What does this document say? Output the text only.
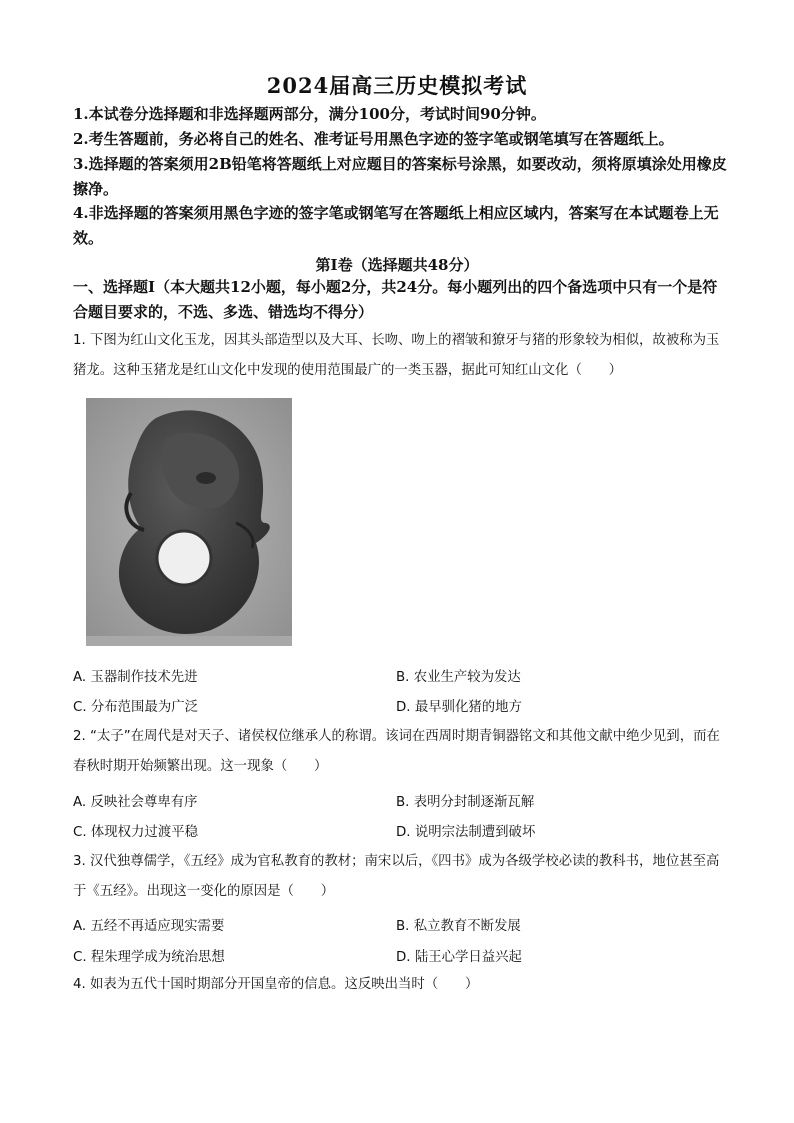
2024届高三历史模拟考试
1.本试卷分选择题和非选择题两部分，满分100分，考试时间90分钟。
2.考生答题前，务必将自己的姓名、准考证号用黑色字迹的签字笔或钢笔填写在答题纸上。
3.选择题的答案须用2B铅笔将答题纸上对应题目的答案标号涂黑，如要改动，须将原填涂处用橡皮擦净。
4.非选择题的答案须用黑色字迹的签字笔或钢笔写在答题纸上相应区域内，答案写在本试题卷上无效。
第Ⅰ卷（选择题共48分）
一、选择题Ⅰ（本大题共12小题，每小题2分，共24分。每小题列出的四个备选项中只有一个是符合题目要求的，不选、多选、错选均不得分）
1. 下图为红山文化玉龙，因其头部造型以及大耳、长吻、吻上的褶皱和獠牙与猪的形象较为相似，故被称为玉猪龙。这种玉猪龙是红山文化中发现的使用范围最广的一类玉器，据此可知红山文化（　　）
A. 玉器制作技术先进	B. 农业生产较为发达
C. 分布范围最为广泛	D. 最早驯化猪的地方
2. “太子”在周代是对天子、诸侯权位继承人的称谓。该词在西周时期青铜器铭文和其他文献中绝少见到，而在春秋时期开始频繁出现。这一现象（　　）
A. 反映社会尊卑有序	B. 表明分封制逐渐瓦解
C. 体现权力过渡平稳	D. 说明宗法制遭到破坏
3. 汉代独尊儒学，《五经》成为官私教育的教材；南宋以后，《四书》成为各级学校必读的教科书，地位甚至高于《五经》。出现这一变化的原因是（　　）
A. 五经不再适应现实需要	B. 私立教育不断发展
C. 程朱理学成为统治思想	D. 陆王心学日益兴起
4. 如表为五代十国时期部分开国皇帝的信息。这反映出当时（　　）
